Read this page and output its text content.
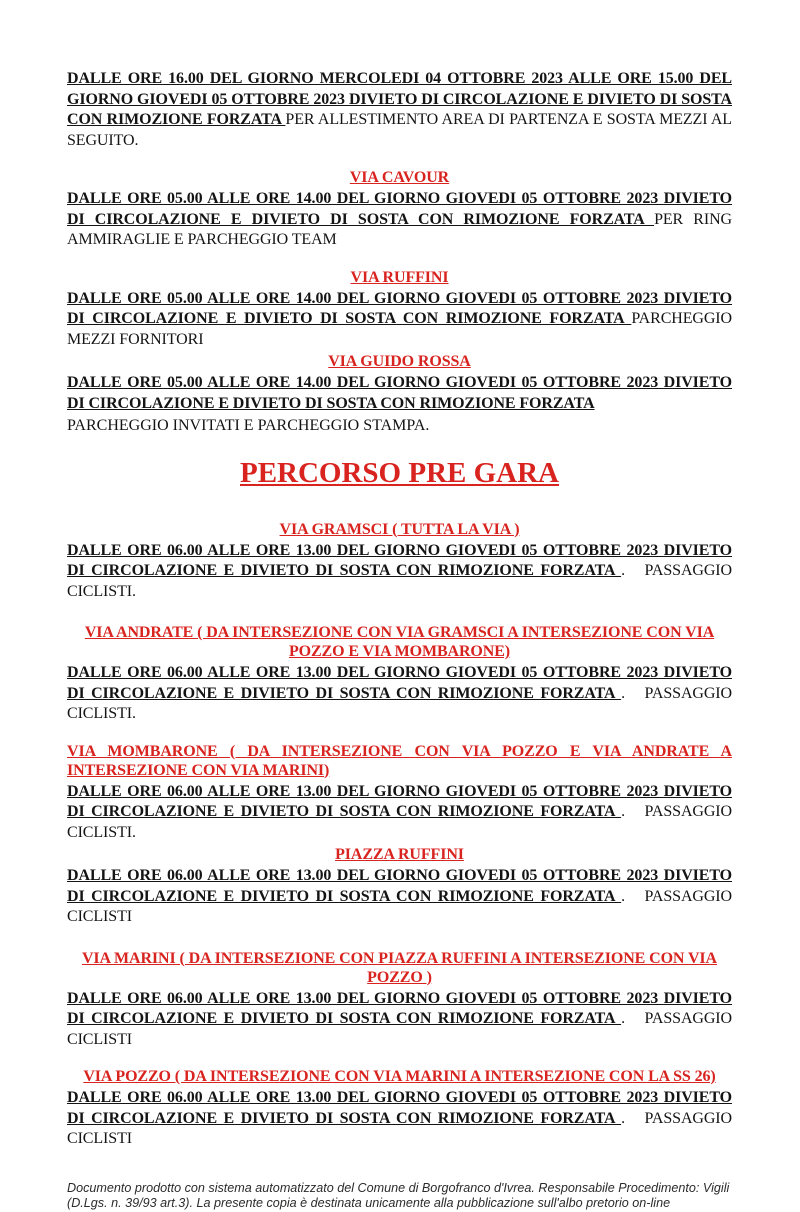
DALLE ORE 16.00 DEL GIORNO MERCOLEDI 04 OTTOBRE 2023 ALLE ORE 15.00 DEL GIORNO GIOVEDI 05 OTTOBRE 2023 DIVIETO DI CIRCOLAZIONE E DIVIETO DI SOSTA CON RIMOZIONE FORZATA PER ALLESTIMENTO AREA DI PARTENZA E SOSTA MEZZI AL SEGUITO.

VIA CAVOUR

DALLE ORE 05.00 ALLE ORE 14.00 DEL GIORNO GIOVEDI 05 OTTOBRE 2023 DIVIETO DI CIRCOLAZIONE E DIVIETO DI SOSTA CON RIMOZIONE FORZATA PER RING AMMIRAGLIE E PARCHEGGIO TEAM

VIA RUFFINI

DALLE ORE 05.00 ALLE ORE 14.00 DEL GIORNO GIOVEDI 05 OTTOBRE 2023 DIVIETO DI CIRCOLAZIONE E DIVIETO DI SOSTA CON RIMOZIONE FORZATA PARCHEGGIO MEZZI FORNITORI

VIA GUIDO ROSSA

DALLE ORE 05.00 ALLE ORE 14.00 DEL GIORNO GIOVEDI 05 OTTOBRE 2023 DIVIETO DI CIRCOLAZIONE E DIVIETO DI SOSTA CON RIMOZIONE FORZATA

PARCHEGGIO INVITATI E PARCHEGGIO STAMPA.
PERCORSO PRE GARA
VIA GRAMSCI ( TUTTA LA VIA )

DALLE ORE 06.00 ALLE ORE 13.00 DEL GIORNO GIOVEDI 05 OTTOBRE 2023 DIVIETO DI CIRCOLAZIONE E DIVIETO DI SOSTA CON RIMOZIONE FORZATA .   PASSAGGIO CICLISTI.

VIA ANDRATE ( DA INTERSEZIONE CON VIA GRAMSCI A INTERSEZIONE CON VIA POZZO E VIA MOMBARONE)

DALLE ORE 06.00 ALLE ORE 13.00 DEL GIORNO GIOVEDI 05 OTTOBRE 2023 DIVIETO DI CIRCOLAZIONE E DIVIETO DI SOSTA CON RIMOZIONE FORZATA .   PASSAGGIO CICLISTI.

VIA MOMBARONE ( DA INTERSEZIONE CON VIA POZZO E VIA ANDRATE A INTERSEZIONE CON VIA MARINI)

DALLE ORE 06.00 ALLE ORE 13.00 DEL GIORNO GIOVEDI 05 OTTOBRE 2023 DIVIETO DI CIRCOLAZIONE E DIVIETO DI SOSTA CON RIMOZIONE FORZATA .   PASSAGGIO CICLISTI.

PIAZZA RUFFINI

DALLE ORE 06.00 ALLE ORE 13.00 DEL GIORNO GIOVEDI 05 OTTOBRE 2023 DIVIETO DI CIRCOLAZIONE E DIVIETO DI SOSTA CON RIMOZIONE FORZATA .   PASSAGGIO CICLISTI

VIA MARINI ( DA INTERSEZIONE CON PIAZZA RUFFINI A INTERSEZIONE CON VIA POZZO )

DALLE ORE 06.00 ALLE ORE 13.00 DEL GIORNO GIOVEDI 05 OTTOBRE 2023 DIVIETO DI CIRCOLAZIONE E DIVIETO DI SOSTA CON RIMOZIONE FORZATA .   PASSAGGIO CICLISTI

VIA POZZO ( DA INTERSEZIONE CON VIA MARINI A INTERSEZIONE CON LA SS 26)

DALLE ORE 06.00 ALLE ORE 13.00 DEL GIORNO GIOVEDI 05 OTTOBRE 2023 DIVIETO DI CIRCOLAZIONE E DIVIETO DI SOSTA CON RIMOZIONE FORZATA .   PASSAGGIO CICLISTI

Documento prodotto con sistema automatizzato del Comune di Borgofranco d'Ivrea. Responsabile Procedimento: Vigili (D.Lgs. n. 39/93 art.3). La presente copia è destinata unicamente alla pubblicazione sull'albo pretorio on-line
